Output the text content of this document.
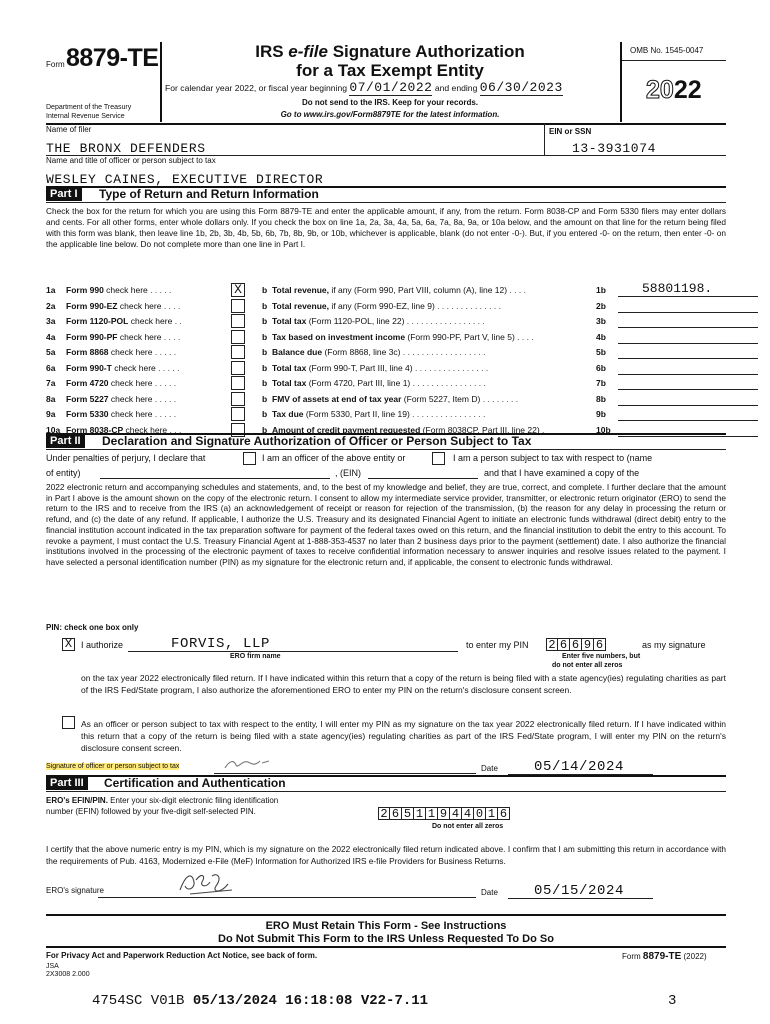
Form 8879-TE
Department of the Treasury
Internal Revenue Service
IRS e-file Signature Authorization
for a Tax Exempt Entity
For calendar year 2022, or fiscal year beginning 07/01/2022 and ending 06/30/2023
Do not send to the IRS. Keep for your records.
Go to www.irs.gov/Form8879TE for the latest information.
OMB No. 1545-0047
2022
Name of filer	EIN or SSN
THE BRONX DEFENDERS	13-3931074
Name and title of officer or person subject to tax
WESLEY CAINES, EXECUTIVE DIRECTOR
Part I	Type of Return and Return Information
Check the box for the return for which you are using this Form 8879-TE and enter the applicable amount, if any, from the return. Form 8038-CP and Form 5330 filers may enter dollars and cents. For all other forms, enter whole dollars only. If you check the box on line 1a, 2a, 3a, 4a, 5a, 6a, 7a, 8a, 9a, or 10a below, and the amount on that line for the return being filed with this form was blank, then leave line 1b, 2b, 3b, 4b, 5b, 6b, 7b, 8b, 9b, or 10b, whichever is applicable, blank (do not enter -0-). But, if you entered -0- on the return, then enter -0- on the applicable line below. Do not complete more than one line in Part I.
1a Form 990 check here . . . . .	X	b Total revenue, if any (Form 990, Part VIII, column (A), line 12) . . . .	1b	58801198.
2a Form 990-EZ check here . . . .	b Total revenue, if any (Form 990-EZ, line 9) . . . . . . . . . . . . . .	2b
3a Form 1120-POL check here . .	b Total tax (Form 1120-POL, line 22) . . . . . . . . . . . . . . . . .	3b
4a Form 990-PF check here . . . .	b Tax based on investment income (Form 990-PF, Part V, line 5) . . . .	4b
5a Form 8868 check here . . . . .	b Balance due (Form 8868, line 3c) . . . . . . . . . . . . . . . . . .	5b
6a Form 990-T check here . . . . .	b Total tax (Form 990-T, Part III, line 4) . . . . . . . . . . . . . . . .	6b
7a Form 4720 check here . . . . .	b Total tax (Form 4720, Part III, line 1) . . . . . . . . . . . . . . . .	7b
8a Form 5227 check here . . . . .	b FMV of assets at end of tax year (Form 5227, Item D) . . . . . . . .	8b
9a Form 5330 check here . . . . .	b Tax due (Form 5330, Part II, line 19) . . . . . . . . . . . . . . . .	9b
10a Form 8038-CP check here . . .	b Amount of credit payment requested (Form 8038CP, Part III, line 22) .	10b
Part II	Declaration and Signature Authorization of Officer or Person Subject to Tax
Under penalties of perjury, I declare that	I am an officer of the above entity or	I am a person subject to tax with respect to (name
of entity)	, (EIN)	and that I have examined a copy of the
2022 electronic return and accompanying schedules and statements, and, to the best of my knowledge and belief, they are true, correct, and complete. I further declare that the amount in Part I above is the amount shown on the copy of the electronic return. I consent to allow my intermediate service provider, transmitter, or electronic return originator (ERO) to send the return to the IRS and to receive from the IRS (a) an acknowledgement of receipt or reason for rejection of the transmission, (b) the reason for any delay in processing the return or refund, and (c) the date of any refund. If applicable, I authorize the U.S. Treasury and its designated Financial Agent to initiate an electronic funds withdrawal (direct debit) entry to the financial institution account indicated in the tax preparation software for payment of the federal taxes owed on this return, and the financial institution to debit the entry to this account. To revoke a payment, I must contact the U.S. Treasury Financial Agent at 1-888-353-4537 no later than 2 business days prior to the payment (settlement) date. I also authorize the financial institutions involved in the processing of the electronic payment of taxes to receive confidential information necessary to answer inquiries and resolve issues related to the payment. I have selected a personal identification number (PIN) as my signature for the electronic return and, if applicable, the consent to electronic funds withdrawal.
PIN: check one box only
X I authorize	FORVIS, LLP
ERO firm name
to enter my PIN 2 6 6 9 6	as my signature
Enter five numbers, but
do not enter all zeros
on the tax year 2022 electronically filed return. If I have indicated within this return that a copy of the return is being filed with a state agency(ies) regulating charities as part of the IRS Fed/State program, I also authorize the aforementioned ERO to enter my PIN on the return's disclosure consent screen.
As an officer or person subject to tax with respect to the entity, I will enter my PIN as my signature on the tax year 2022 electronically filed return. If I have indicated within this return that a copy of the return is being filed with a state agency(ies) regulating charities as part of the IRS Fed/State program, I will enter my PIN on the return's disclosure consent screen.
Signature of officer or person subject to tax	Date	05/14/2024
Part III	Certification and Authentication
ERO's EFIN/PIN. Enter your six-digit electronic filing identification
number (EFIN) followed by your five-digit self-selected PIN.	2 6 5 1 1 9 4 4 0 1 6
Do not enter all zeros
I certify that the above numeric entry is my PIN, which is my signature on the 2022 electronically filed return indicated above. I confirm that I am submitting this return in accordance with the requirements of Pub. 4163, Modernized e-File (MeF) Information for Authorized IRS e-file Providers for Business Returns.
ERO's signature	Date	05/15/2024
ERO Must Retain This Form - See Instructions
Do Not Submit This Form to the IRS Unless Requested To Do So
For Privacy Act and Paperwork Reduction Act Notice, see back of form.	Form 8879-TE (2022)
JSA
2X3008 2.000
4754SC V01B 05/13/2024 16:18:08 V22-7.11	3
